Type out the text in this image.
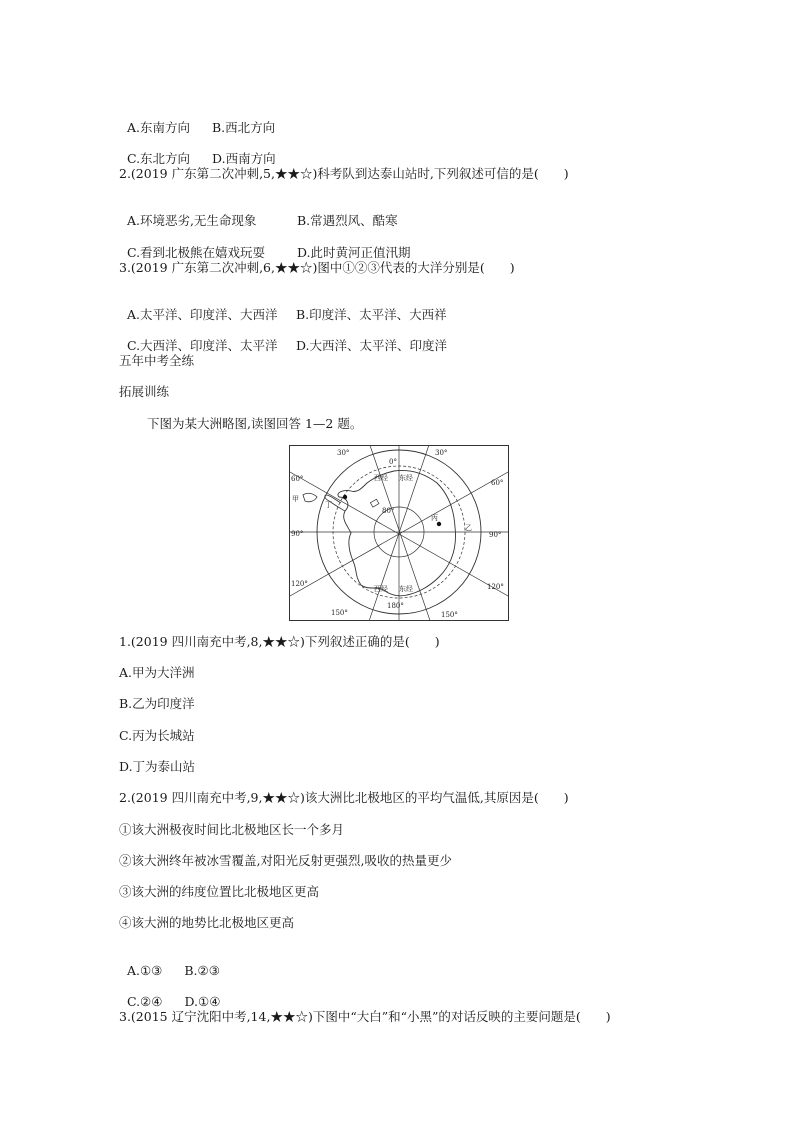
A.东南方向 B.西北方向

C.东北方向 D.西南方向

2.(2019 广东第二次冲刺,5,★★☆)科考队到达泰山站时,下列叙述可信的是(　　)

A.环境恶劣,无生命现象	B.常遇烈风、酷寒

C.看到北极熊在嬉戏玩耍	D.此时黄河正值汛期

3.(2019 广东第二次冲刺,6,★★☆)图中①②③代表的大洋分别是(　　)

A.太平洋、印度洋、大西洋 B.印度洋、太平洋、大西祥

C.大西洋、印度洋、太平洋 D.大西洋、太平洋、印度洋

五年中考全练
拓展训练
下图为某大洲略图,读图回答 1—2 题。
30°
0°
30°
60°	60°
90°	90°
120°	120°
150°
180°
150°
80°
西经 东经
西经 东经
甲
乙
丙
丁
1.(2019 四川南充中考,8,★★☆)下列叙述正确的是(　　)
A.甲为大洋洲
B.乙为印度洋
C.丙为长城站
D.丁为泰山站
2.(2019 四川南充中考,9,★★☆)该大洲比北极地区的平均气温低,其原因是(　　)
①该大洲极夜时间比北极地区长一个多月
②该大洲终年被冰雪覆盖,对阳光反射更强烈,吸收的热量更少
③该大洲的纬度位置比北极地区更高
④该大洲的地势比北极地区更高

A.①③ B.②③

C.②④ D.①④

3.(2015 辽宁沈阳中考,14,★★☆)下图中“大白”和“小黑”的对话反映的主要问题是(　　)
